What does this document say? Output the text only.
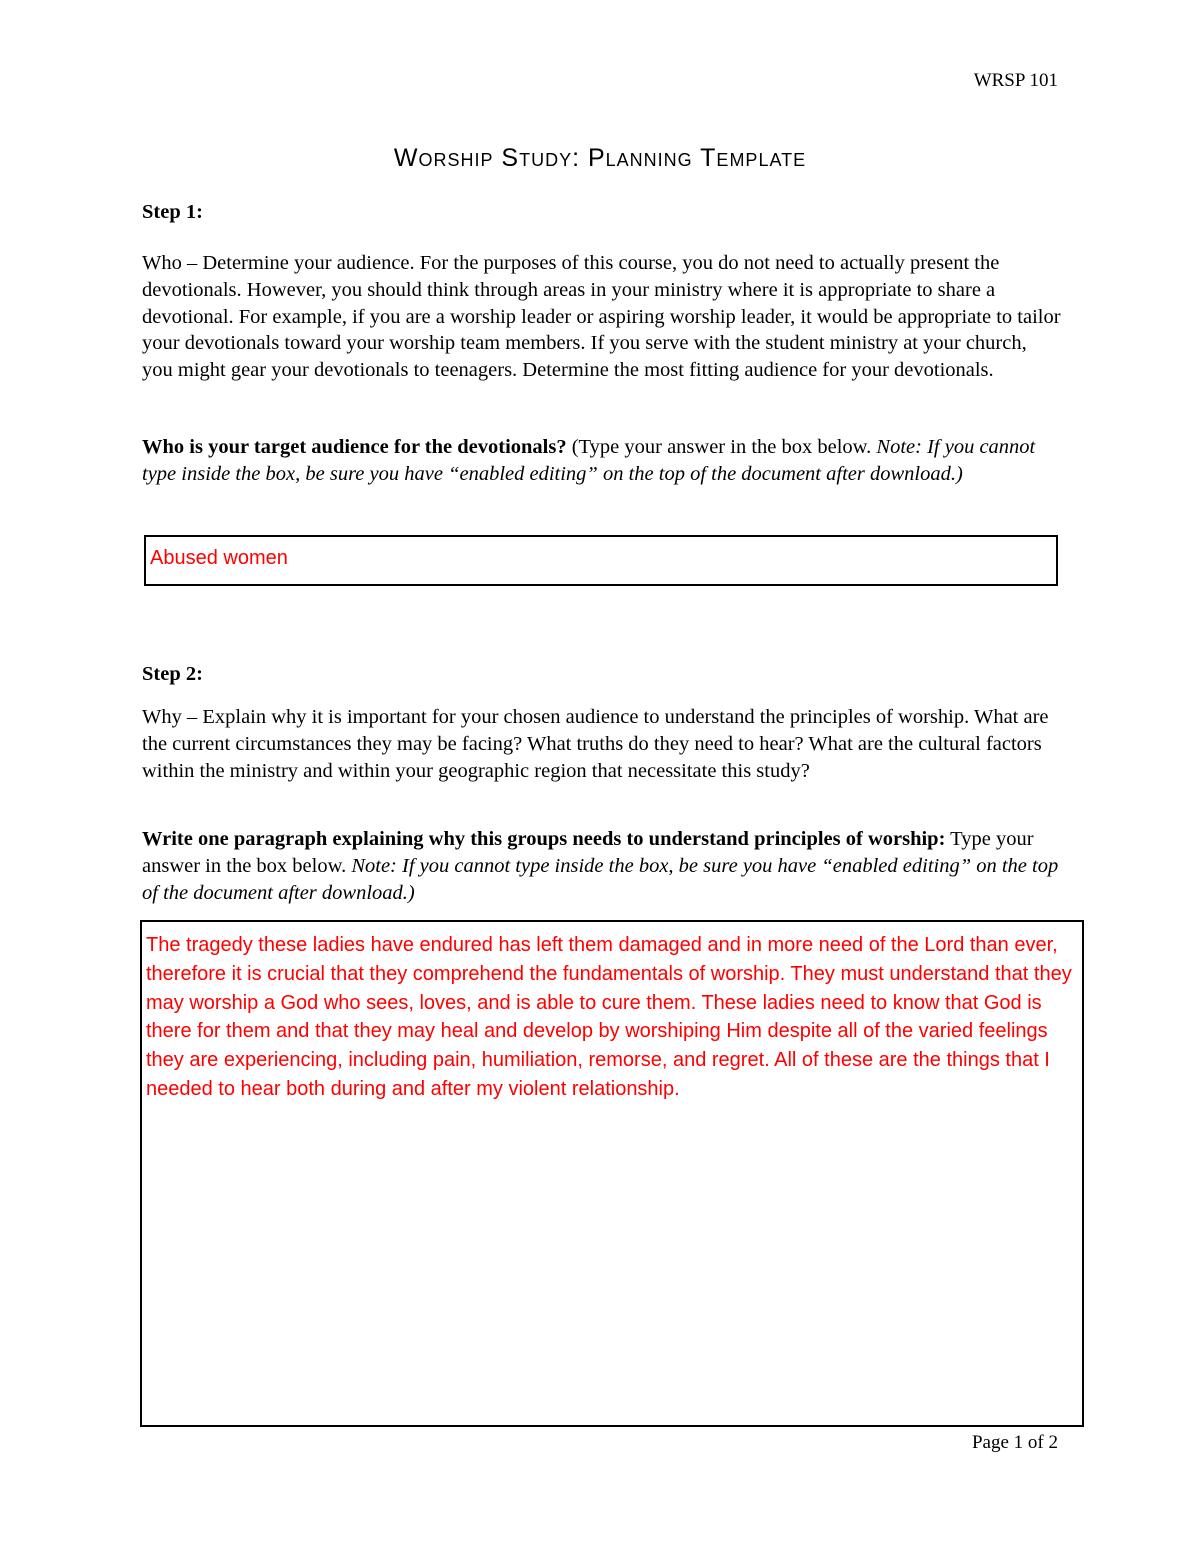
WRSP 101
Worship Study: Planning Template
Step 1:
Who – Determine your audience. For the purposes of this course, you do not need to actually present the devotionals. However, you should think through areas in your ministry where it is appropriate to share a devotional. For example, if you are a worship leader or aspiring worship leader, it would be appropriate to tailor your devotionals toward your worship team members. If you serve with the student ministry at your church, you might gear your devotionals to teenagers. Determine the most fitting audience for your devotionals.
Who is your target audience for the devotionals? (Type your answer in the box below. Note: If you cannot type inside the box, be sure you have “enabled editing” on the top of the document after download.)
Abused women
Step 2:
Why – Explain why it is important for your chosen audience to understand the principles of worship. What are the current circumstances they may be facing? What truths do they need to hear? What are the cultural factors within the ministry and within your geographic region that necessitate this study?
Write one paragraph explaining why this groups needs to understand principles of worship: Type your answer in the box below. Note: If you cannot type inside the box, be sure you have “enabled editing” on the top of the document after download.)
The tragedy these ladies have endured has left them damaged and in more need of the Lord than ever, therefore it is crucial that they comprehend the fundamentals of worship. They must understand that they may worship a God who sees, loves, and is able to cure them. These ladies need to know that God is there for them and that they may heal and develop by worshiping Him despite all of the varied feelings they are experiencing, including pain, humiliation, remorse, and regret. All of these are the things that I needed to hear both during and after my violent relationship.
Page 1 of 2
